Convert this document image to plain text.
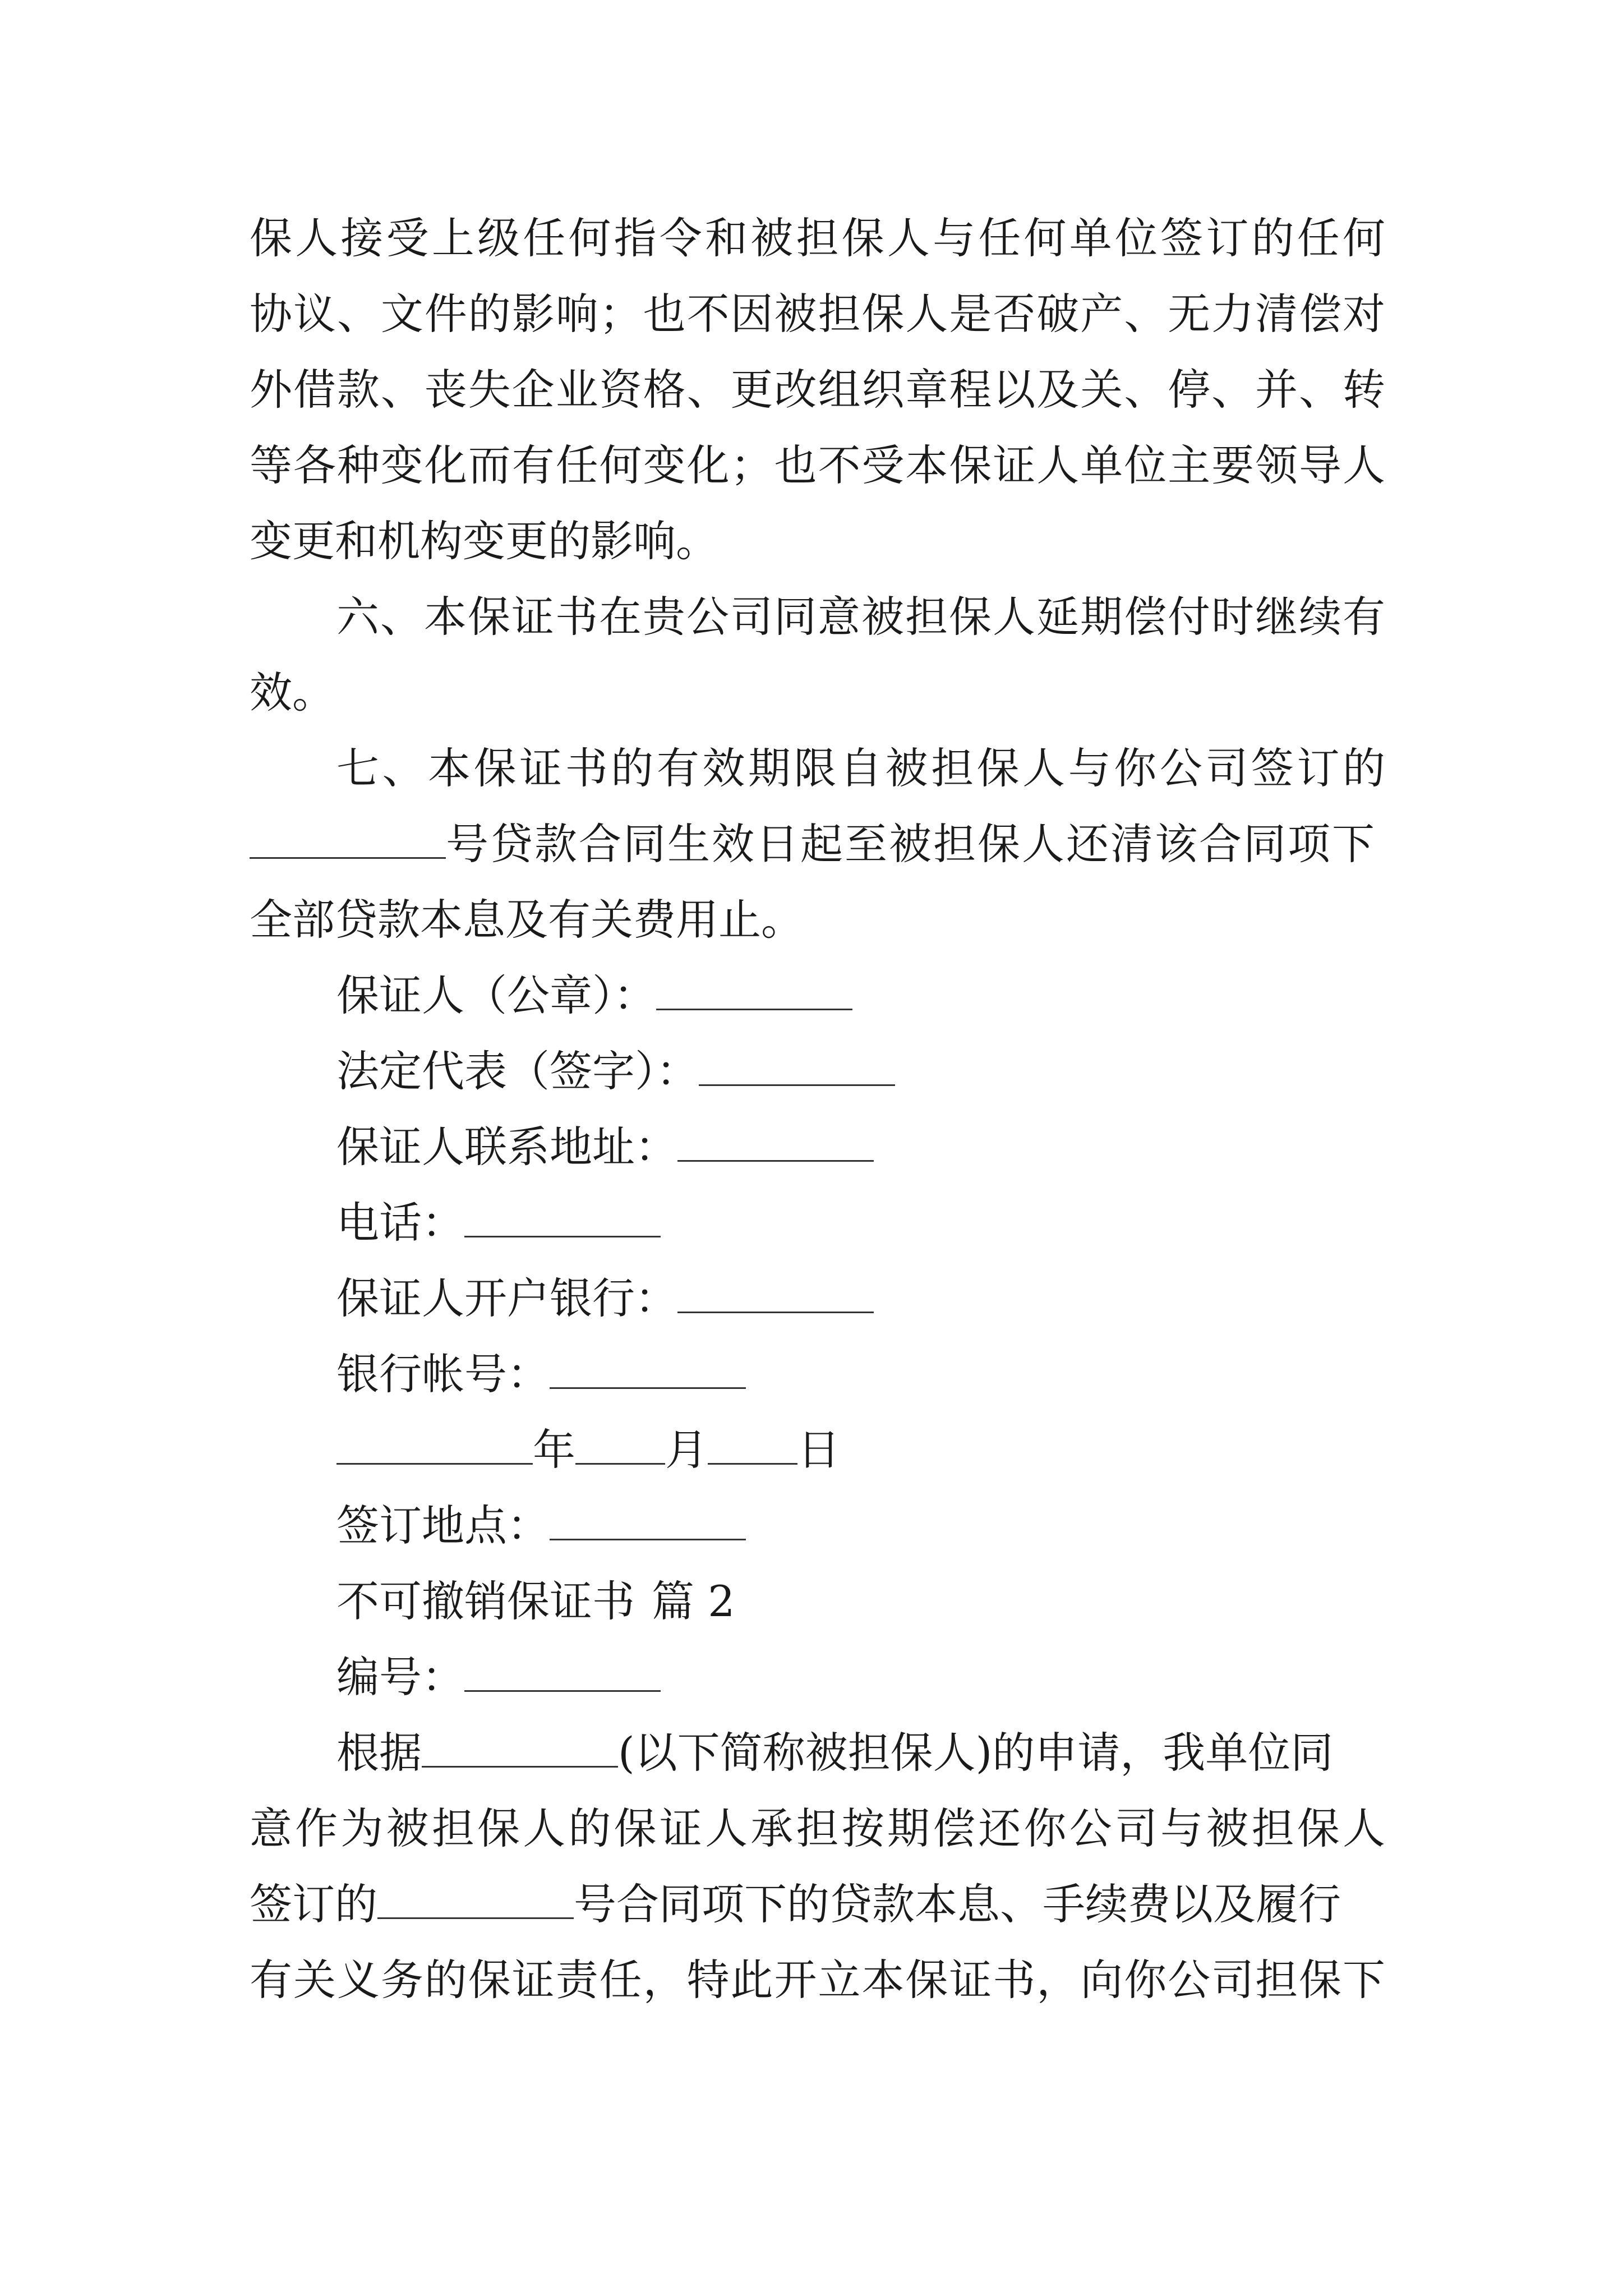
保人接受上级任何指令和被担保人与任何单位签订的任何
协议、文件的影响；也不因被担保人是否破产、无力清偿对
外借款、丧失企业资格、更改组织章程以及关、停、并、转
等各种变化而有任何变化；也不受本保证人单位主要领导人
变更和机构变更的影响。
六、本保证书在贵公司同意被担保人延期偿付时继续有
效。
七、本保证书的有效期限自被担保人与你公司签订的
号贷款合同生效日起至被担保人还清该合同项下
全部贷款本息及有关费用止。
保证人（公章）：
法定代表（签字）：
保证人联系地址：
电话：
保证人开户银行：
银行帐号：
年 月 日
签订地点：
不可撤销保证书 篇 2
编号：
根据	(以下简称被担保人)的申请，我单位同
意作为被担保人的保证人承担按期偿还你公司与被担保人
签订的	号合同项下的贷款本息、手续费以及履行
有关义务的保证责任，特此开立本保证书，向你公司担保下
